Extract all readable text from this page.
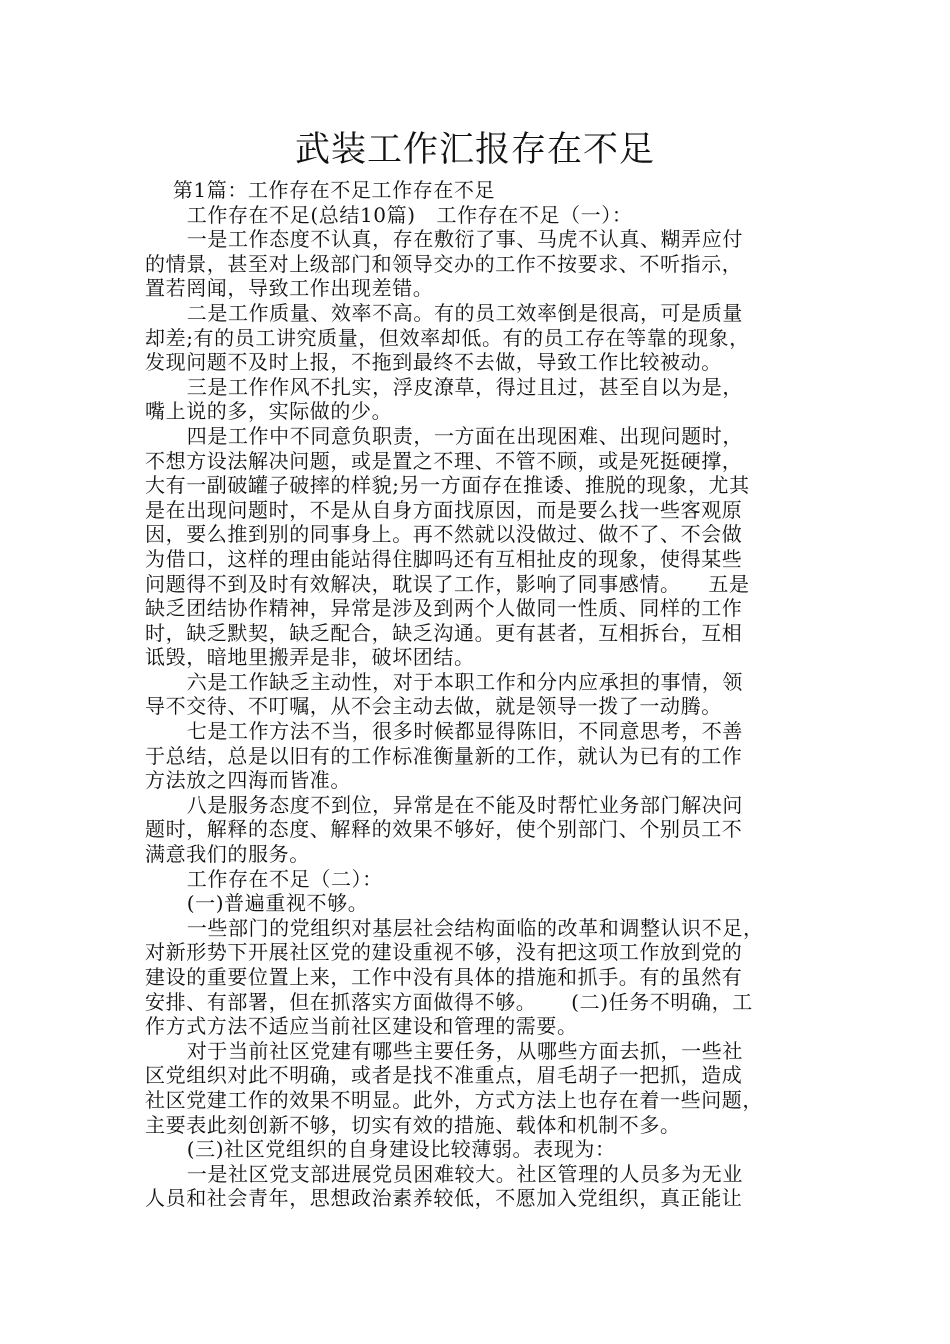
武装工作汇报存在不足
第1篇：工作存在不足工作存在不足
工作存在不足(总结10篇)   工作存在不足（一）：
一是工作态度不认真，存在敷衍了事、马虎不认真、糊弄应付
的情景，甚至对上级部门和领导交办的工作不按要求、不听指示，
置若罔闻，导致工作出现差错。
二是工作质量、效率不高。有的员工效率倒是很高，可是质量
却差;有的员工讲究质量，但效率却低。有的员工存在等靠的现象，
发现问题不及时上报，不拖到最终不去做，导致工作比较被动。
三是工作作风不扎实，浮皮潦草，得过且过，甚至自以为是，
嘴上说的多，实际做的少。
四是工作中不同意负职责，一方面在出现困难、出现问题时，
不想方设法解决问题，或是置之不理、不管不顾，或是死挺硬撑，
大有一副破罐子破摔的样貌;另一方面存在推诿、推脱的现象，尤其
是在出现问题时，不是从自身方面找原因，而是要么找一些客观原
因，要么推到别的同事身上。再不然就以没做过、做不了、不会做
为借口，这样的理由能站得住脚吗还有互相扯皮的现象，使得某些
问题得不到及时有效解决，耽误了工作，影响了同事感情。    五是
缺乏团结协作精神，异常是涉及到两个人做同一性质、同样的工作
时，缺乏默契，缺乏配合，缺乏沟通。更有甚者，互相拆台，互相
诋毁，暗地里搬弄是非，破坏团结。
六是工作缺乏主动性，对于本职工作和分内应承担的事情，领
导不交待、不叮嘱，从不会主动去做，就是领导一拨了一动腾。
七是工作方法不当，很多时候都显得陈旧，不同意思考，不善
于总结，总是以旧有的工作标准衡量新的工作，就认为已有的工作
方法放之四海而皆准。
八是服务态度不到位，异常是在不能及时帮忙业务部门解决问
题时，解释的态度、解释的效果不够好，使个别部门、个别员工不
满意我们的服务。
工作存在不足（二）：
(一)普遍重视不够。
一些部门的党组织对基层社会结构面临的改革和调整认识不足，
对新形势下开展社区党的建设重视不够，没有把这项工作放到党的
建设的重要位置上来，工作中没有具体的措施和抓手。有的虽然有
安排、有部署，但在抓落实方面做得不够。     (二)任务不明确，工
作方式方法不适应当前社区建设和管理的需要。
对于当前社区党建有哪些主要任务，从哪些方面去抓，一些社
区党组织对此不明确，或者是找不准重点，眉毛胡子一把抓，造成
社区党建工作的效果不明显。此外，方式方法上也存在着一些问题，
主要表此刻创新不够，切实有效的措施、载体和机制不多。
(三)社区党组织的自身建设比较薄弱。表现为：
一是社区党支部进展党员困难较大。社区管理的人员多为无业
人员和社会青年，思想政治素养较低，不愿加入党组织，真正能让
